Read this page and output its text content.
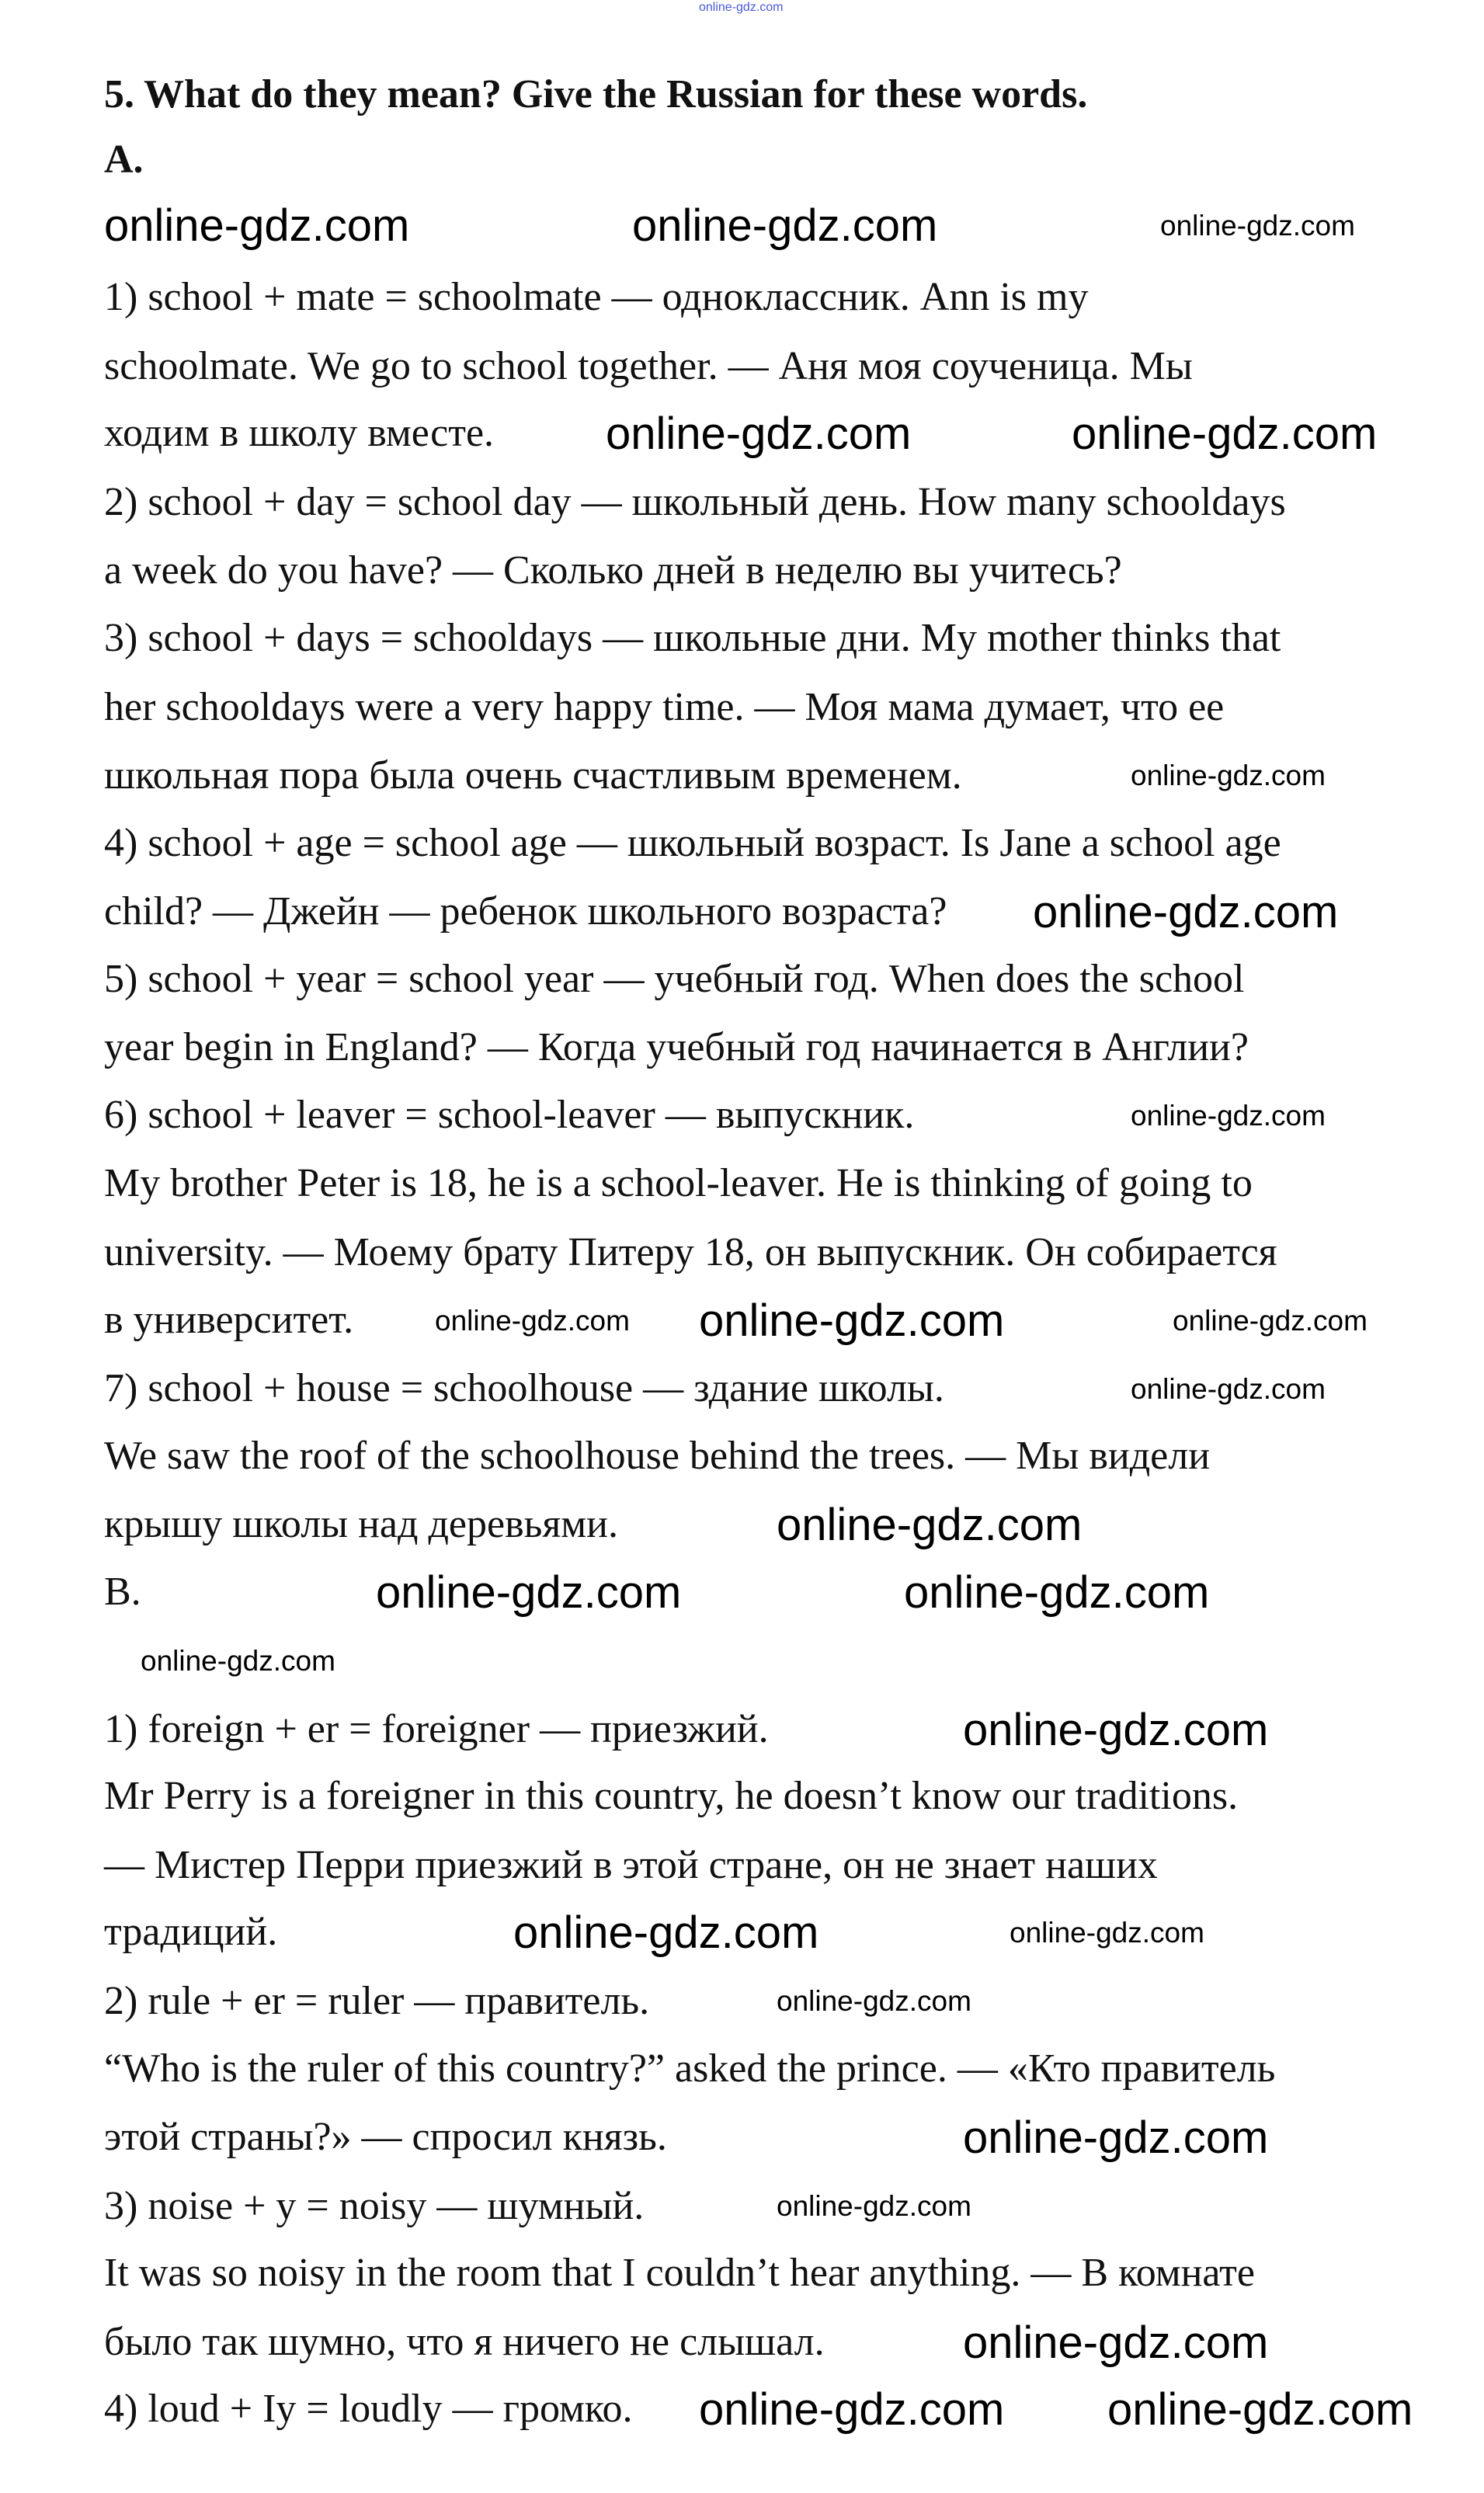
5. What do they mean? Give the Russian for these words.
A.
1) school + mate = schoolmate — одноклассник. Ann is my
schoolmate. We go to school together. — Аня моя соученица. Мы
ходим в школу вместе.
2) school + day = school day — школьный день. How many schooldays
a week do you have? — Сколько дней в неделю вы учитесь?
3) school + days = schooldays — школьные дни. My mother thinks that
her schooldays were a very happy time. — Моя мама думает, что ее
школьная пора была очень счастливым временем.
4) school + age = school age — школьный возраст. Is Jane a school age
child? — Джейн — ребенок школьного возраста?
5) school + year = school year — учебный год. When does the school
year begin in England? — Когда учебный год начинается в Англии?
6) school + leaver = school-leaver — выпускник.
My brother Peter is 18, he is a school-leaver. He is thinking of going to
university. — Моему брату Питеру 18, он выпускник. Он собирается
в университет.
7) school + house = schoolhouse — здание школы.
We saw the roof of the schoolhouse behind the trees. — Мы видели
крышу школы над деревьями.
B.
1) foreign + er = foreigner — приезжий.
Mr Perry is a foreigner in this country, he doesn’t know our traditions.
— Мистер Перри приезжий в этой стране, он не знает наших
традиций.
2) rule + er = ruler — правитель.
“Who is the ruler of this country?” asked the prince. — «Кто правитель
этой страны?» — спросил князь.
3) noise + y = noisy — шумный.
It was so noisy in the room that I couldn’t hear anything. — В комнате
было так шумно, что я ничего не слышал.
4) loud + Iy = loudly — громко.
online-gdz.com
online-gdz.com	online-gdz.com	online-gdz.com
online-gdz.com	online-gdz.com
online-gdz.com
online-gdz.com
online-gdz.com
online-gdz.com online-gdz.com	online-gdz.com
online-gdz.com
online-gdz.com
online-gdz.com	online-gdz.com
online-gdz.com
online-gdz.com
online-gdz.com	online-gdz.com
online-gdz.com
online-gdz.com
online-gdz.com
online-gdz.com
online-gdz.com online-gdz.com
